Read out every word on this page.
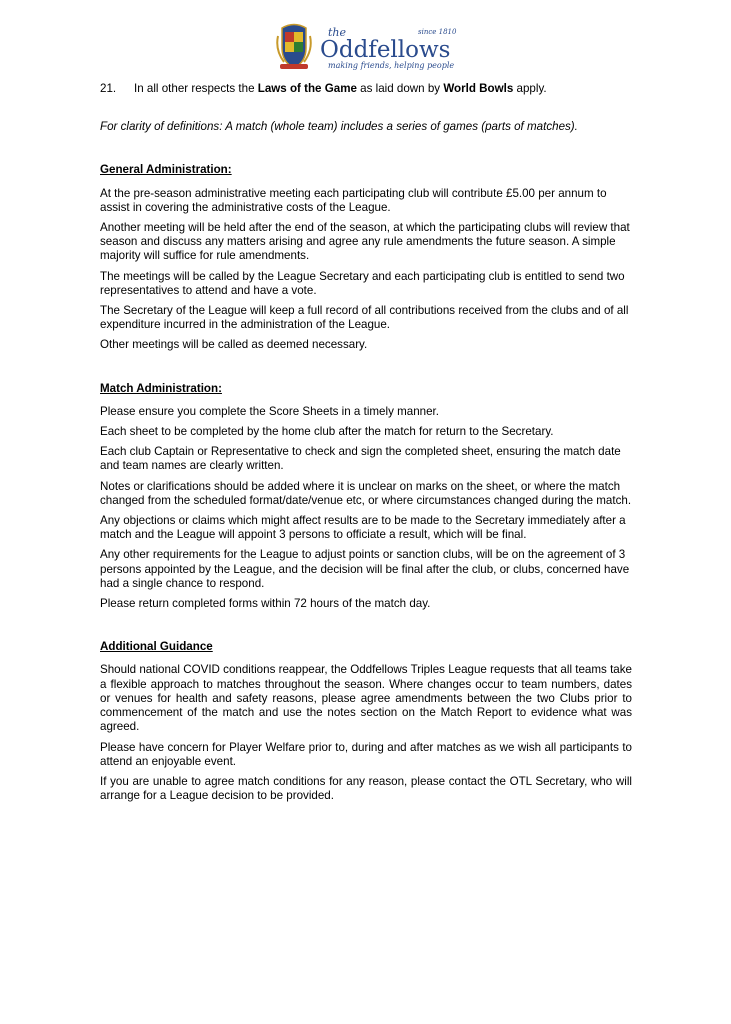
the
Oddfellows
since 1810
making friends, helping people

21. In all other respects the Laws of the Game as laid down by World Bowls apply.

For clarity of definitions: A match (whole team) includes a series of games (parts of matches).

General Administration:

At the pre-season administrative meeting each participating club will contribute £5.00 per annum to assist in covering the administrative costs of the League.

Another meeting will be held after the end of the season, at which the participating clubs will review that season and discuss any matters arising and agree any rule amendments the future season. A simple majority will suffice for rule amendments.

The meetings will be called by the League Secretary and each participating club is entitled to send two representatives to attend and have a vote.

The Secretary of the League will keep a full record of all contributions received from the clubs and of all expenditure incurred in the administration of the League.

Other meetings will be called as deemed necessary.

Match Administration:

Please ensure you complete the Score Sheets in a timely manner.

Each sheet to be completed by the home club after the match for return to the Secretary.

Each club Captain or Representative to check and sign the completed sheet, ensuring the match date and team names are clearly written.

Notes or clarifications should be added where it is unclear on marks on the sheet, or where the match changed from the scheduled format/date/venue etc, or where circumstances changed during the match.

Any objections or claims which might affect results are to be made to the Secretary immediately after a match and the League will appoint 3 persons to officiate a result, which will be final.

Any other requirements for the League to adjust points or sanction clubs, will be on the agreement of 3 persons appointed by the League, and the decision will be final after the club, or clubs, concerned have had a single chance to respond.

Please return completed forms within 72 hours of the match day.

Additional Guidance

Should national COVID conditions reappear, the Oddfellows Triples League requests that all teams take a flexible approach to matches throughout the season. Where changes occur to team numbers, dates or venues for health and safety reasons, please agree amendments between the two Clubs prior to commencement of the match and use the notes section on the Match Report to evidence what was agreed.

Please have concern for Player Welfare prior to, during and after matches as we wish all participants to attend an enjoyable event.

If you are unable to agree match conditions for any reason, please contact the OTL Secretary, who will arrange for a League decision to be provided.
